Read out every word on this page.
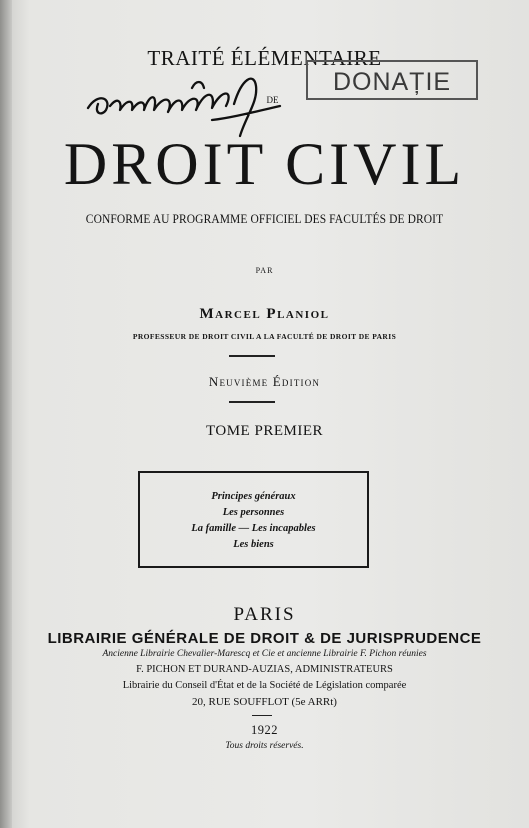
TRAITÉ ÉLÉMENTAIRE
DE
DONAȚIE
DROIT CIVIL
CONFORME AU PROGRAMME OFFICIEL DES FACULTÉS DE DROIT
PAR
Marcel Planiol
PROFESSEUR DE DROIT CIVIL A LA FACULTÉ DE DROIT DE PARIS
Neuvième Édition
TOME PREMIER
Principes généraux
Les personnes
La famille — Les incapables
Les biens
PARIS
LIBRAIRIE GÉNÉRALE DE DROIT & DE JURISPRUDENCE
Ancienne Librairie Chevalier-Marescq et Cie et ancienne Librairie F. Pichon réunies
F. PICHON ET DURAND-AUZIAS, ADMINISTRATEURS
Librairie du Conseil d'État et de la Société de Législation comparée
20, RUE SOUFFLOT (5e ARRt)
1922
Tous droits réservés.
